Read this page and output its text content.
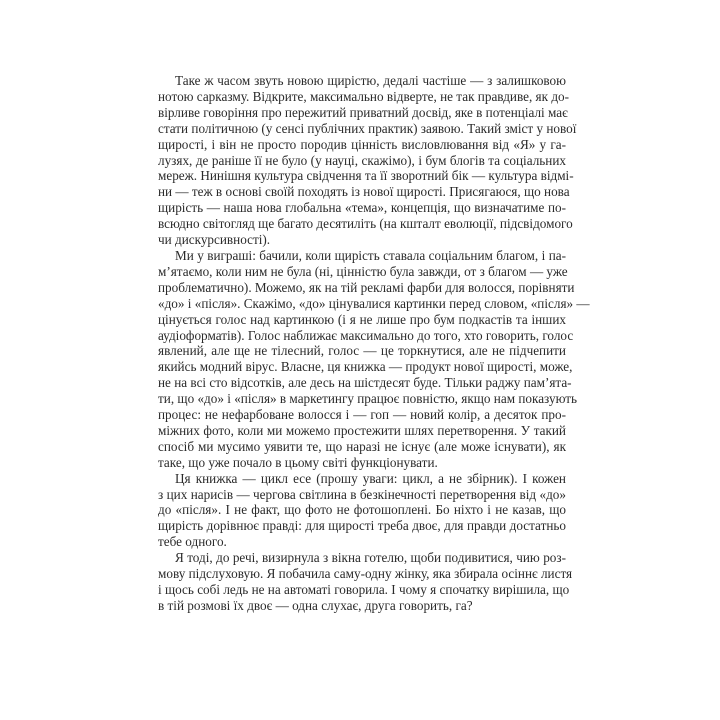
Таке ж часом звуть новою щирістю, дедалі частіше — з залишковою
нотою сарказму. Відкрите, максимально відверте, не так правдиве, як до-
вірливе говоріння про пережитий приватний досвід, яке в потенціалі має
стати політичною (у сенсі публічних практик) заявою. Такий зміст у нової
щирості, і він не просто породив цінність висловлювання від «Я» у га-
лузях, де раніше її не було (у науці, скажімо), і бум блогів та соціальних
мереж. Нинішня культура свідчення та її зворотний бік — культура відмі-
ни — теж в основі своїй походять із нової щирості. Присягаюся, що нова
щирість — наша нова глобальна «тема», концепція, що визначатиме по-
всюдно світогляд ще багато десятиліть (на кшталт еволюції, підсвідомого
чи дискурсивності).

Ми у виграші: бачили, коли щирість ставала соціальним благом, і па-
м’ятаємо, коли ним не була (ні, цінністю була завжди, от з благом — уже
проблематично). Можемо, як на тій рекламі фарби для волосся, порівняти
«до» і «після». Скажімо, «до» цінувалися картинки перед словом, «після» —
цінується голос над картинкою (і я не лише про бум подкастів та інших
аудіоформатів). Голос наближає максимально до того, хто говорить, голос
явлений, але ще не тілесний, голос — це торкнутися, але не підчепити
якийсь модний вірус. Власне, ця книжка — продукт нової щирості, може,
не на всі сто відсотків, але десь на шістдесят буде. Тільки раджу пам’ята-
ти, що «до» і «після» в маркетингу працює повністю, якщо нам показують
процес: не нефарбоване волосся і — гоп — новий колір, а десяток про-
міжних фото, коли ми можемо простежити шлях перетворення. У такий
спосіб ми мусимо уявити те, що наразі не існує (але може існувати), як
таке, що уже почало в цьому світі функціонувати.

Ця книжка — цикл есе (прошу уваги: цикл, а не збірник). І кожен
з цих нарисів — чергова світлина в безкінечності перетворення від «до»
до «після». І не факт, що фото не фотошоплені. Бо ніхто і не казав, що
щирість дорівнює правді: для щирості треба двоє, для правди достатньо
тебе одного.

Я тоді, до речі, визирнула з вікна готелю, щоби подивитися, чию роз-
мову підслуховую. Я побачила саму-одну жінку, яка збирала осіннє листя
і щось собі ледь не на автоматі говорила. І чому я спочатку вирішила, що
в тій розмові їх двоє — одна слухає, друга говорить, га?
